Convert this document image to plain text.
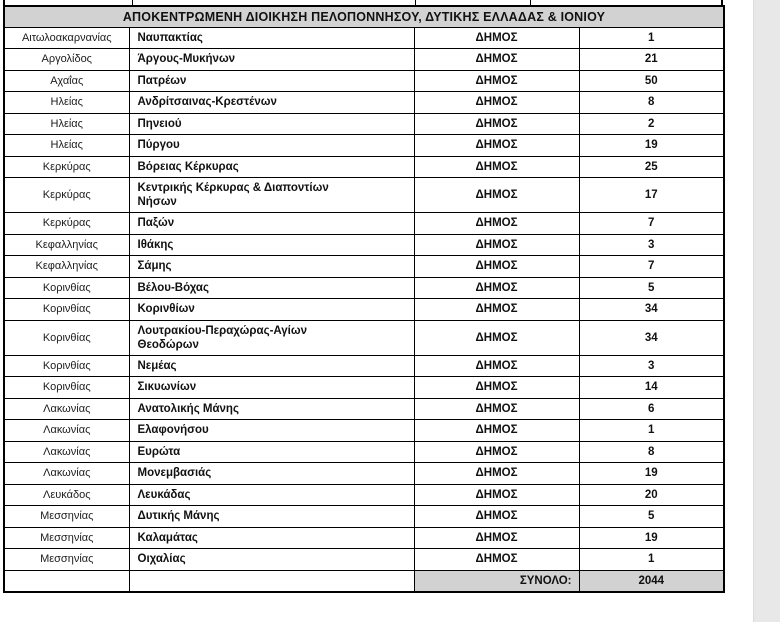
ΑΠΟΚΕΝΤΡΩΜΕΝΗ ΔΙΟΙΚΗΣΗ ΠΕΛΟΠΟΝΝΗΣΟΥ, ΔΥΤΙΚΗΣ ΕΛΛΑΔΑΣ & ΙΟΝΙΟΥ			
Αιτωλοακαρνανίας	Ναυπακτίας	ΔΗΜΟΣ	1
Αργολίδος	Άργους-Μυκήνων	ΔΗΜΟΣ	21
Αχαΐας	Πατρέων	ΔΗΜΟΣ	50
Ηλείας	Ανδρίτσαινας-Κρεστένων	ΔΗΜΟΣ	8
Ηλείας	Πηνειού	ΔΗΜΟΣ	2
Ηλείας	Πύργου	ΔΗΜΟΣ	19
Κερκύρας	Βόρειας Κέρκυρας	ΔΗΜΟΣ	25
Κερκύρας	Κεντρικής Κέρκυρας & Διαποντίων Νήσων	ΔΗΜΟΣ	17
Κερκύρας	Παξών	ΔΗΜΟΣ	7
Κεφαλληνίας	Ιθάκης	ΔΗΜΟΣ	3
Κεφαλληνίας	Σάμης	ΔΗΜΟΣ	7
Κορινθίας	Βέλου-Βόχας	ΔΗΜΟΣ	5
Κορινθίας	Κορινθίων	ΔΗΜΟΣ	34
Κορινθίας	Λουτρακίου-Περαχώρας-Αγίων Θεοδώρων	ΔΗΜΟΣ	34
Κορινθίας	Νεμέας	ΔΗΜΟΣ	3
Κορινθίας	Σικυωνίων	ΔΗΜΟΣ	14
Λακωνίας	Ανατολικής Μάνης	ΔΗΜΟΣ	6
Λακωνίας	Ελαφονήσου	ΔΗΜΟΣ	1
Λακωνίας	Ευρώτα	ΔΗΜΟΣ	8
Λακωνίας	Μονεμβασιάς	ΔΗΜΟΣ	19
Λευκάδος	Λευκάδας	ΔΗΜΟΣ	20
Μεσσηνίας	Δυτικής Μάνης	ΔΗΜΟΣ	5
Μεσσηνίας	Καλαμάτας	ΔΗΜΟΣ	19
Μεσσηνίας	Οιχαλίας	ΔΗΜΟΣ	1
		ΣΥΝΟΛΟ:	2044
